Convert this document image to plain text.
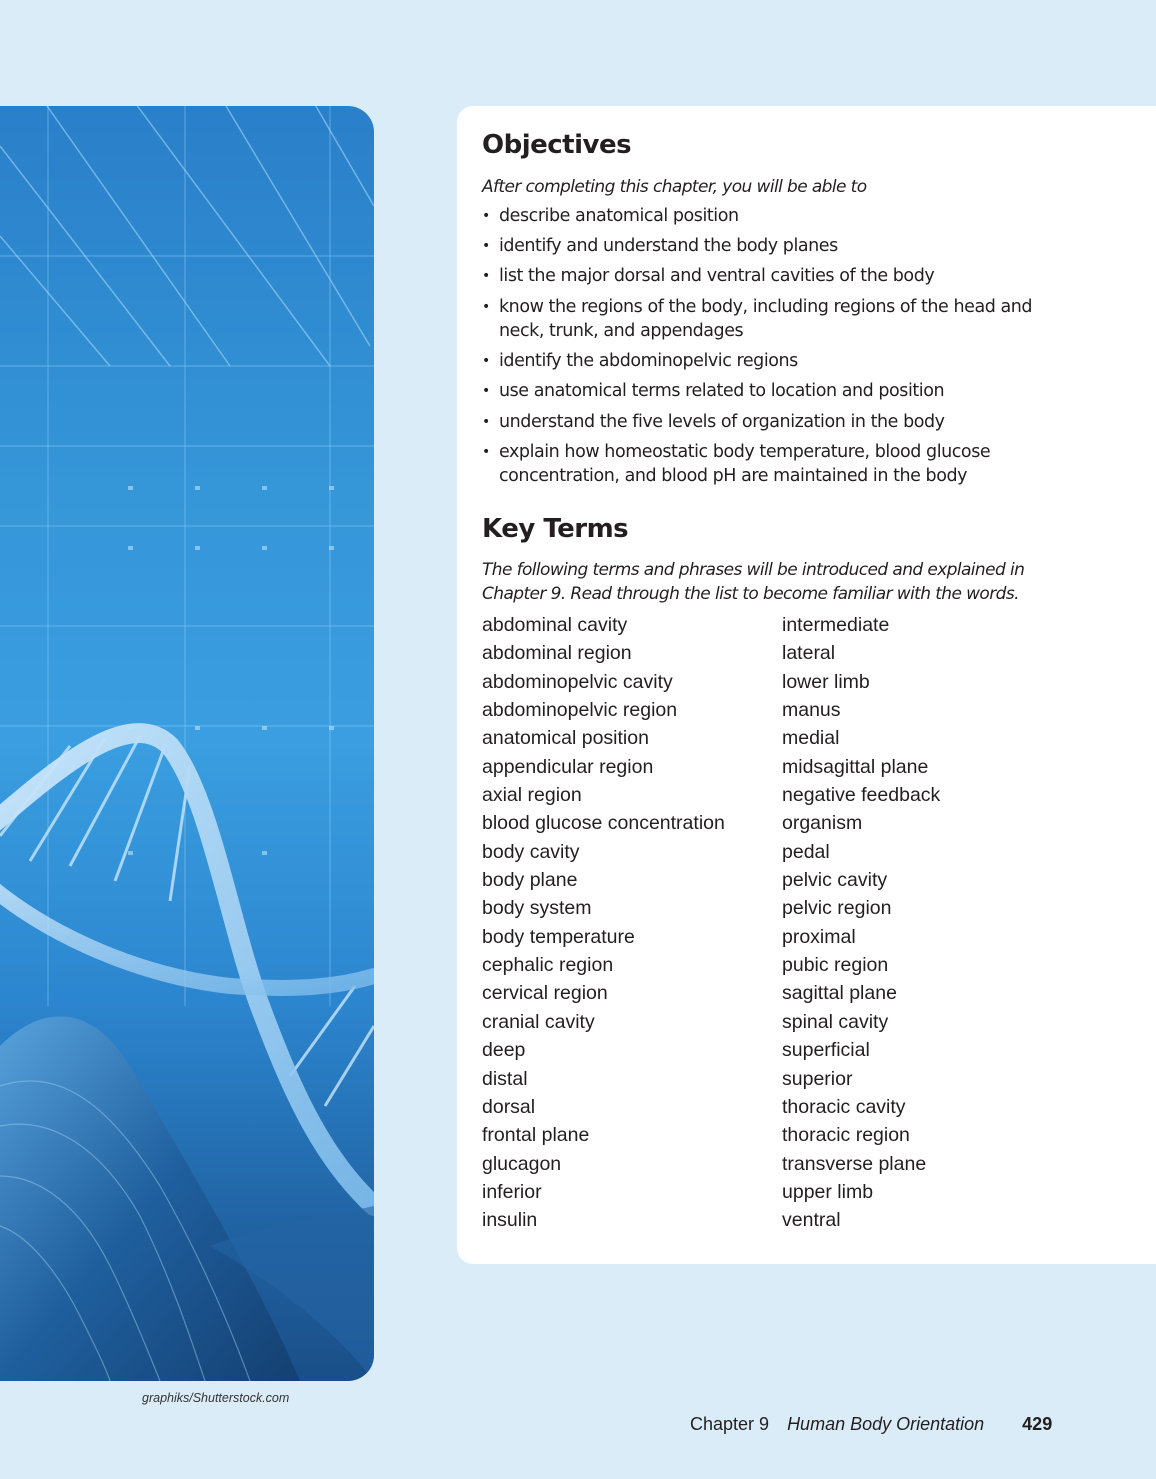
graphiks/Shutterstock.com
Objectives
After completing this chapter, you will be able to
• describe anatomical position
• identify and understand the body planes
• list the major dorsal and ventral cavities of the body
• know the regions of the body, including regions of the head and neck, trunk, and appendages
• identify the abdominopelvic regions
• use anatomical terms related to location and position
• understand the five levels of organization in the body
• explain how homeostatic body temperature, blood glucose concentration, and blood pH are maintained in the body
Key Terms
The following terms and phrases will be introduced and explained in
Chapter 9. Read through the list to become familiar with the words.
abdominal cavity
abdominal region
abdominopelvic cavity
abdominopelvic region
anatomical position
appendicular region
axial region
blood glucose concentration
body cavity
body plane
body system
body temperature
cephalic region
cervical region
cranial cavity
deep
distal
dorsal
frontal plane
glucagon
inferior
insulin
intermediate
lateral
lower limb
manus
medial
midsagittal plane
negative feedback
organism
pedal
pelvic cavity
pelvic region
proximal
pubic region
sagittal plane
spinal cavity
superficial
superior
thoracic cavity
thoracic region
transverse plane
upper limb
ventral
Chapter 9 Human Body Orientation 429
